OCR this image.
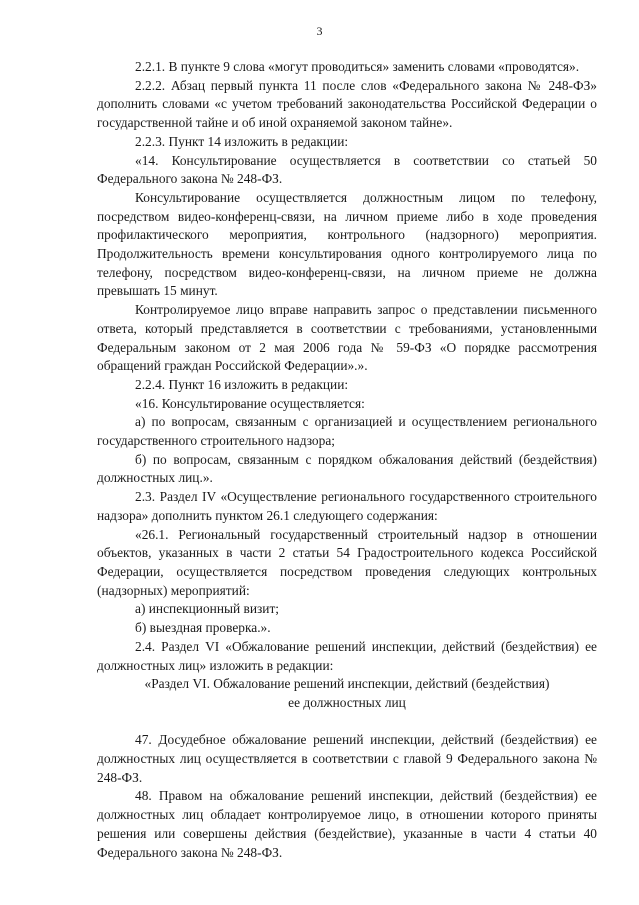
3

2.2.1. В пункте 9 слова «могут проводиться» заменить словами «проводятся».

2.2.2. Абзац первый пункта 11 после слов «Федерального закона № 248-ФЗ» дополнить словами «с учетом требований законодательства Российской Федерации о государственной тайне и об иной охраняемой законом тайне».

2.2.3. Пункт 14 изложить в редакции:

«14. Консультирование осуществляется в соответствии со статьей 50 Федерального закона № 248-ФЗ.

Консультирование осуществляется должностным лицом по телефону, посредством видео-конференц-связи, на личном приеме либо в ходе проведения профилактического мероприятия, контрольного (надзорного) мероприятия. Продолжительность времени консультирования одного контролируемого лица по телефону, посредством видео-конференц-связи, на личном приеме не должна превышать 15 минут.

Контролируемое лицо вправе направить запрос о представлении письменного ответа, который представляется в соответствии с требованиями, установленными Федеральным законом от 2 мая 2006 года № 59-ФЗ «О порядке рассмотрения обращений граждан Российской Федерации».».

2.2.4. Пункт 16 изложить в редакции:

«16. Консультирование осуществляется:

а) по вопросам, связанным с организацией и осуществлением регионального государственного строительного надзора;

б) по вопросам, связанным с порядком обжалования действий (бездействия) должностных лиц.».

2.3. Раздел IV «Осуществление регионального государственного строительного надзора» дополнить пунктом 26.1 следующего содержания:

«26.1. Региональный государственный строительный надзор в отношении объектов, указанных в части 2 статьи 54 Градостроительного кодекса Российской Федерации, осуществляется посредством проведения следующих контрольных (надзорных) мероприятий:

а) инспекционный визит;

б) выездная проверка.».

2.4. Раздел VI «Обжалование решений инспекции, действий (бездействия) ее должностных лиц» изложить в редакции:

«Раздел VI. Обжалование решений инспекции, действий (бездействия)

ее должностных лиц

47. Досудебное обжалование решений инспекции, действий (бездействия) ее должностных лиц осуществляется в соответствии с главой 9 Федерального закона № 248-ФЗ.

48. Правом на обжалование решений инспекции, действий (бездействия) ее должностных лиц обладает контролируемое лицо, в отношении которого приняты решения или совершены действия (бездействие), указанные в части 4 статьи 40 Федерального закона № 248-ФЗ.
